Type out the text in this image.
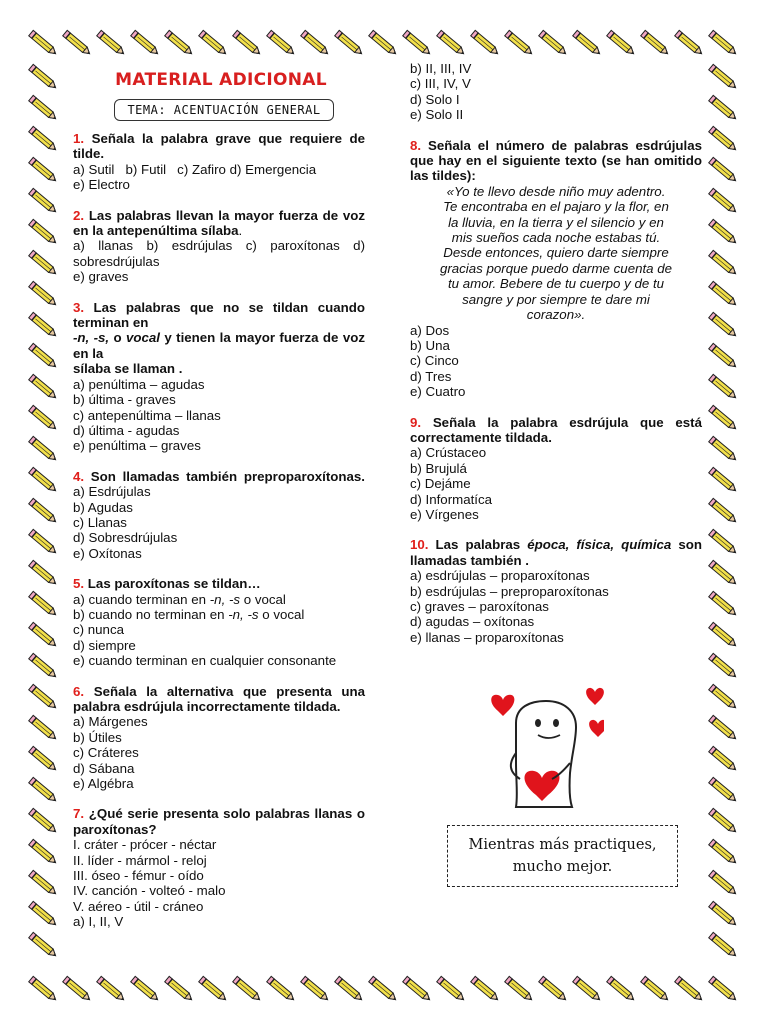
MATERIAL ADICIONAL
TEMA: ACENTUACIÓN GENERAL
1. Señala la palabra grave que requiere de tilde.
a) Sutil   b) Futil   c) Zafiro d) Emergencia
e) Electro
2. Las palabras llevan la mayor fuerza de voz en la antepenúltima sílaba.
a) llanas b) esdrújulas c) paroxítonas d) sobresdrújulas
e) graves
3. Las palabras que no se tildan cuando terminan en
-n, -s, o vocal y tienen la mayor fuerza de voz en la
sílaba se llaman .
a) penúltima – agudas
b) última - graves
c) antepenúltima – llanas
d) última - agudas
e) penúltima – graves
4. Son llamadas también preproparoxítonas.
a) Esdrújulas
b) Agudas
c) Llanas
d) Sobresdrújulas
e) Oxítonas
5. Las paroxítonas se tildan…
a) cuando terminan en -n, -s o vocal
b) cuando no terminan en -n, -s o vocal
c) nunca
d) siempre
e) cuando terminan en cualquier consonante
6. Señala la alternativa que presenta una palabra esdrújula incorrectamente tildada.
a) Márgenes
b) Útiles
c) Cráteres
d) Sábana
e) Algébra
7. ¿Qué serie presenta solo palabras llanas o paroxítonas?
I. cráter - prócer - néctar
II. líder - mármol - reloj
III. óseo - fémur - oído
IV. canción - volteó - malo
V. aéreo - útil - cráneo
a) I, II, V
b) II, III, IV
c) III, IV, V
d) Solo I
e) Solo II
8. Señala el número de palabras esdrújulas que hay en el siguiente texto (se han omitido las tildes):
«Yo te llevo desde niño muy adentro.
Te encontraba en el pajaro y la flor, en
la lluvia, en la tierra y el silencio y en
mis sueños cada noche estabas tú.
Desde entonces, quiero darte siempre
gracias porque puedo darme cuenta de
tu amor. Bebere de tu cuerpo y de tu
sangre y por siempre te dare mi
corazon».
a) Dos
b) Una
c) Cinco
d) Tres
e) Cuatro
9. Señala la palabra esdrújula que está correctamente tildada.
a) Crústaceo
b) Brujulá
c) Dejáme
d) Informatíca
e) Vírgenes
10. Las palabras época, física, química son llamadas también .
a) esdrújulas – proparoxítonas
b) esdrújulas – preproparoxítonas
c) graves – paroxítonas
d) agudas – oxítonas
e) llanas – proparoxítonas
Mientras más practiques,
mucho mejor.
